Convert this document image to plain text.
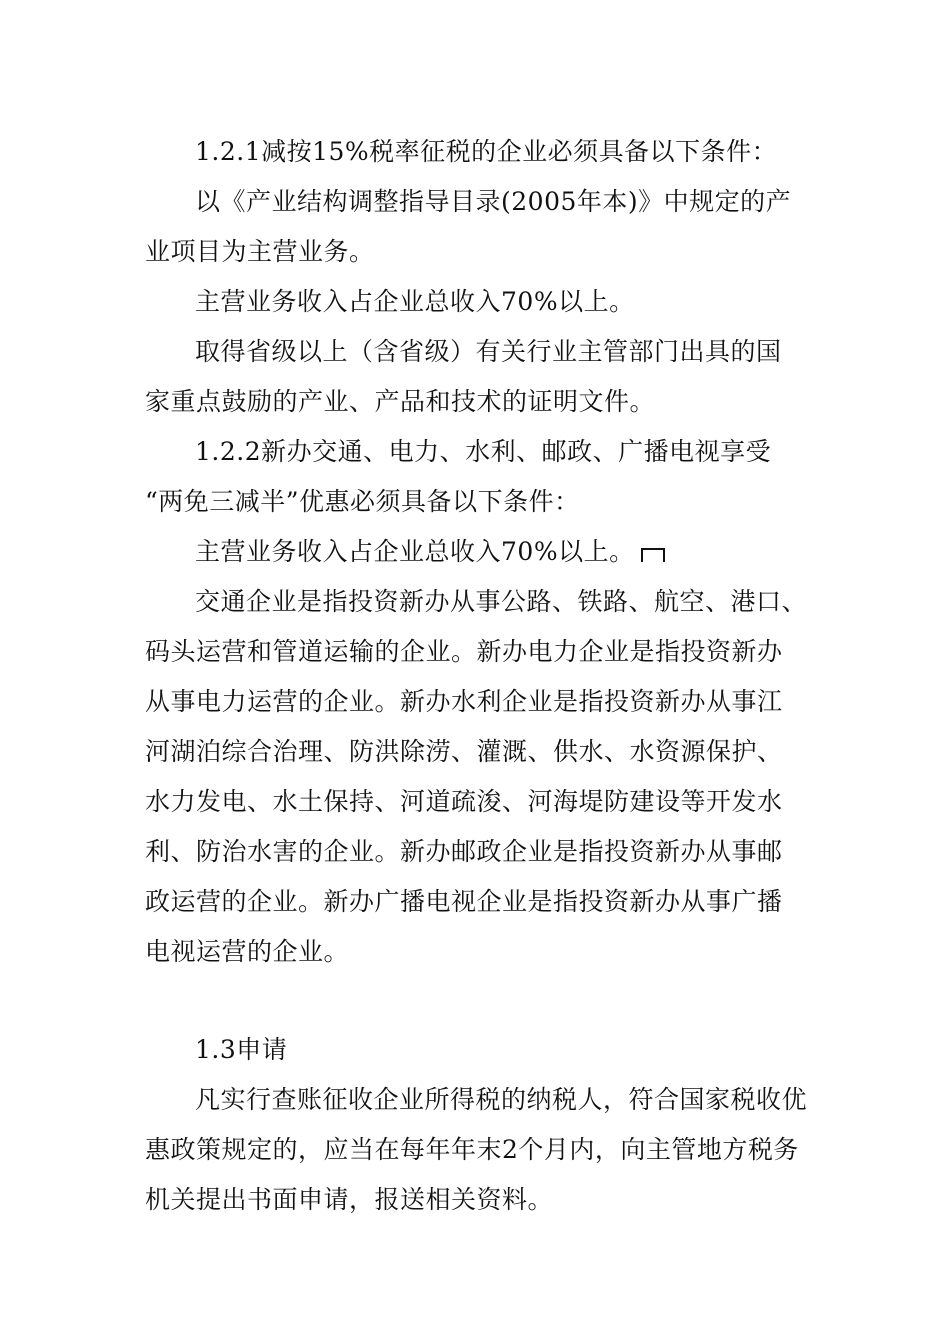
1.2.1减按15%税率征税的企业必须具备以下条件：
以《产业结构调整指导目录(2005年本)》中规定的产
业项目为主营业务。
主营业务收入占企业总收入70%以上。
取得省级以上（含省级）有关行业主管部门出具的国
家重点鼓励的产业、产品和技术的证明文件。
1.2.2新办交通、电力、水利、邮政、广播电视享受
“两免三减半”优惠必须具备以下条件：
主营业务收入占企业总收入70%以上。
交通企业是指投资新办从事公路、铁路、航空、港口、
码头运营和管道运输的企业。新办电力企业是指投资新办
从事电力运营的企业。新办水利企业是指投资新办从事江
河湖泊综合治理、防洪除涝、灌溉、供水、水资源保护、
水力发电、水土保持、河道疏浚、河海堤防建设等开发水
利、防治水害的企业。新办邮政企业是指投资新办从事邮
政运营的企业。新办广播电视企业是指投资新办从事广播
电视运营的企业。
1.3申请
凡实行查账征收企业所得税的纳税人，符合国家税收优
惠政策规定的，应当在每年年末2个月内，向主管地方税务
机关提出书面申请，报送相关资料。
